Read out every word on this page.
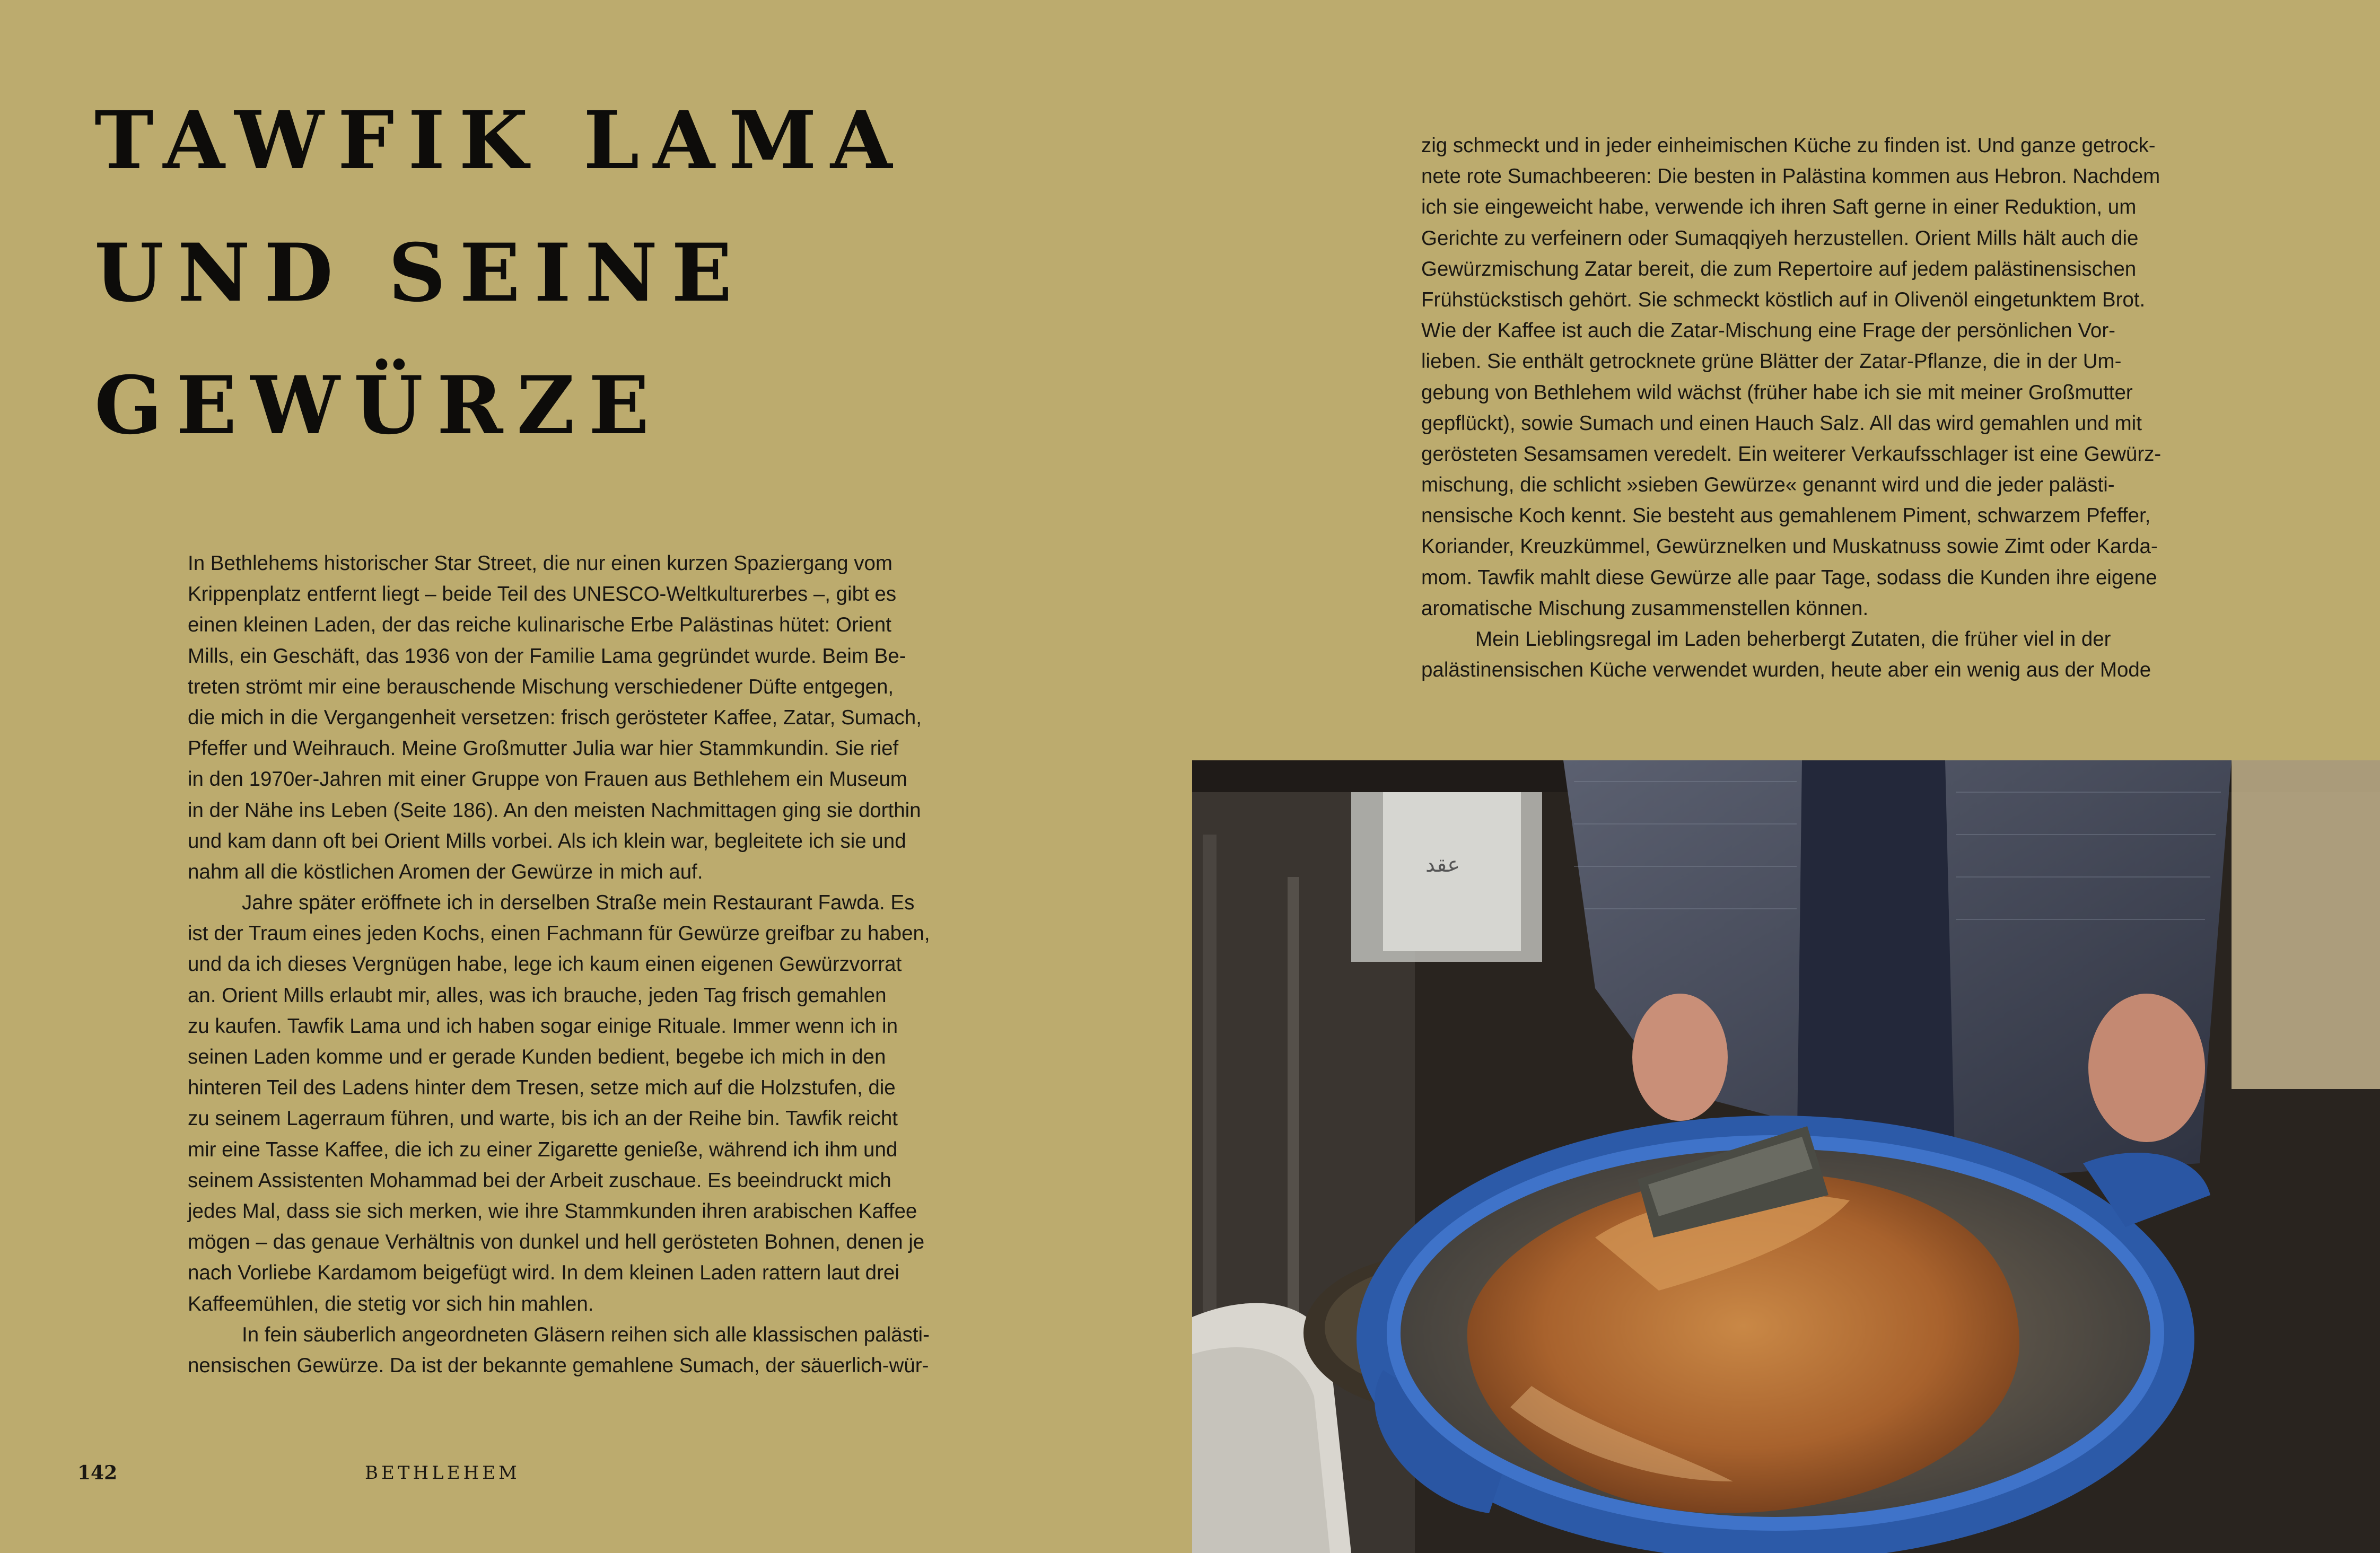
TAWFIK LAMA
UND SEINE
GEWÜRZE
In Bethlehems historischer Star Street, die nur einen kurzen Spaziergang vom
Krippenplatz entfernt liegt – beide Teil des UNESCO-Weltkulturerbes –, gibt es
einen kleinen Laden, der das reiche kulinarische Erbe Palästinas hütet: Orient
Mills, ein Geschäft, das 1936 von der Familie Lama gegründet wurde. Beim Be-
treten strömt mir eine berauschende Mischung verschiedener Düfte entgegen,
die mich in die Vergangenheit versetzen: frisch gerösteter Kaffee, Zatar, Sumach,
Pfeffer und Weihrauch. Meine Großmutter Julia war hier Stammkundin. Sie rief
in den 1970er-Jahren mit einer Gruppe von Frauen aus Bethlehem ein Museum
in der Nähe ins Leben (Seite 186). An den meisten Nachmittagen ging sie dorthin
und kam dann oft bei Orient Mills vorbei. Als ich klein war, begleitete ich sie und
nahm all die köstlichen Aromen der Gewürze in mich auf.
Jahre später eröffnete ich in derselben Straße mein Restaurant Fawda. Es
ist der Traum eines jeden Kochs, einen Fachmann für Gewürze greifbar zu haben,
und da ich dieses Vergnügen habe, lege ich kaum einen eigenen Gewürzvorrat
an. Orient Mills erlaubt mir, alles, was ich brauche, jeden Tag frisch gemahlen
zu kaufen. Tawfik Lama und ich haben sogar einige Rituale. Immer wenn ich in
seinen Laden komme und er gerade Kunden bedient, begebe ich mich in den
hinteren Teil des Ladens hinter dem Tresen, setze mich auf die Holzstufen, die
zu seinem Lagerraum führen, und warte, bis ich an der Reihe bin. Tawfik reicht
mir eine Tasse Kaffee, die ich zu einer Zigarette genieße, während ich ihm und
seinem Assistenten Mohammad bei der Arbeit zuschaue. Es beeindruckt mich
jedes Mal, dass sie sich merken, wie ihre Stammkunden ihren arabischen Kaffee
mögen – das genaue Verhältnis von dunkel und hell gerösteten Bohnen, denen je
nach Vorliebe Kardamom beigefügt wird. In dem kleinen Laden rattern laut drei
Kaffeemühlen, die stetig vor sich hin mahlen.
In fein säuberlich angeordneten Gläsern reihen sich alle klassischen palästi-
nensischen Gewürze. Da ist der bekannte gemahlene Sumach, der säuerlich-wür-
zig schmeckt und in jeder einheimischen Küche zu finden ist. Und ganze getrock-
nete rote Sumachbeeren: Die besten in Palästina kommen aus Hebron. Nachdem
ich sie eingeweicht habe, verwende ich ihren Saft gerne in einer Reduktion, um
Gerichte zu verfeinern oder Sumaqqiyeh herzustellen. Orient Mills hält auch die
Gewürzmischung Zatar bereit, die zum Repertoire auf jedem palästinensischen
Frühstückstisch gehört. Sie schmeckt köstlich auf in Olivenöl eingetunktem Brot.
Wie der Kaffee ist auch die Zatar-Mischung eine Frage der persönlichen Vor-
lieben. Sie enthält getrocknete grüne Blätter der Zatar-Pflanze, die in der Um-
gebung von Bethlehem wild wächst (früher habe ich sie mit meiner Großmutter
gepflückt), sowie Sumach und einen Hauch Salz. All das wird gemahlen und mit
gerösteten Sesamsamen veredelt. Ein weiterer Verkaufsschlager ist eine Gewürz-
mischung, die schlicht »sieben Gewürze« genannt wird und die jeder palästi-
nensische Koch kennt. Sie besteht aus gemahlenem Piment, schwarzem Pfeffer,
Koriander, Kreuzkümmel, Gewürznelken und Muskatnuss sowie Zimt oder Karda-
mom. Tawfik mahlt diese Gewürze alle paar Tage, sodass die Kunden ihre eigene
aromatische Mischung zusammenstellen können.
Mein Lieblingsregal im Laden beherbergt Zutaten, die früher viel in der
palästinensischen Küche verwendet wurden, heute aber ein wenig aus der Mode
142	BETHLEHEM
عقد
